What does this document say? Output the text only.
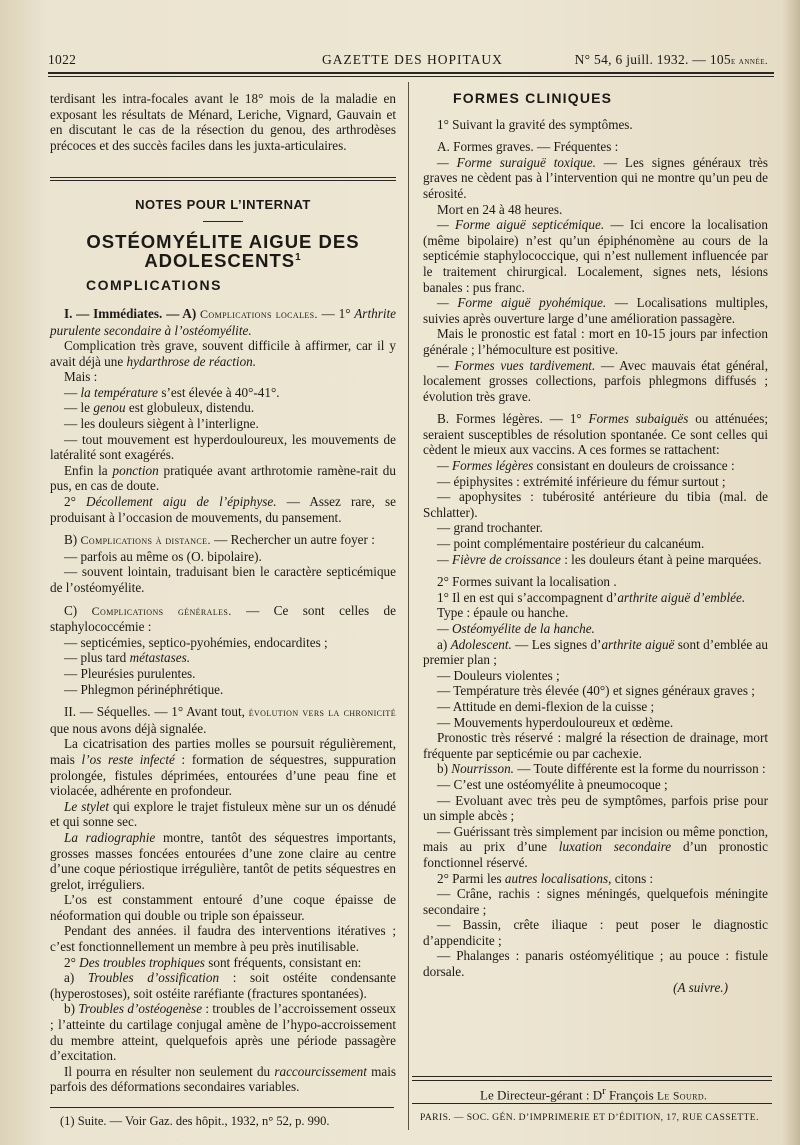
1022	GAZETTE DES HOPITAUX	N° 54, 6 juill. 1932. — 105e année.

terdisant les intra-focales avant le 18° mois de la maladie en exposant les résultats de Ménard, Leriche, Vignard, Gauvain et en discutant le cas de la résection du genou, des arthrodèses précoces et des succès faciles dans les juxta-articulaires.

NOTES POUR L’INTERNAT
OSTÉOMYÉLITE AIGUE DES ADOLESCENTS$^1$
COMPLICATIONS

I. — Immédiates. — A) Complications locales. — 1° Arthrite purulente secondaire à l’ostéomyélite.

Complication très grave, souvent difficile à affirmer, car il y avait déjà une hydarthrose de réaction.

Mais :

— la température s’est élevée à 40°-41°.

— le genou est globuleux, distendu.

— les douleurs siègent à l’interligne.

— tout mouvement est hyperdouloureux, les mouvements de latéralité sont exagérés.

Enfin la ponction pratiquée avant arthrotomie ramène-rait du pus, en cas de doute.

2° Décollement aigu de l’épiphyse. — Assez rare, se produisant à l’occasion de mouvements, du pansement.

B) Complications à distance. — Rechercher un autre foyer :

— parfois au même os (O. bipolaire).

— souvent lointain, traduisant bien le caractère septicémique de l’ostéomyélite.

C) Complications générales. — Ce sont celles de staphylococcémie :

— septicémies, septico-pyohémies, endocardites ;

— plus tard métastases.

— Pleurésies purulentes.

— Phlegmon périnéphrétique.

II. — Séquelles. — 1° Avant tout, évolution vers la chronicité que nous avons déjà signalée.

La cicatrisation des parties molles se poursuit régulièrement, mais l’os reste infecté : formation de séquestres, suppuration prolongée, fistules déprimées, entourées d’une peau fine et violacée, adhérente en profondeur.

Le stylet qui explore le trajet fistuleux mène sur un os dénudé et qui sonne sec.

La radiographie montre, tantôt des séquestres importants, grosses masses foncées entourées d’une zone claire au centre d’une coque périostique irrégulière, tantôt de petits séquestres en grelot, irréguliers.

L’os est constamment entouré d’une coque épaisse de néoformation qui double ou triple son épaisseur.

Pendant des années. il faudra des interventions itératives ; c’est fonctionnellement un membre à peu près inutilisable.

2° Des troubles trophiques sont fréquents, consistant en:

a) Troubles d’ossification : soit ostéite condensante (hyperostoses), soit ostéite raréfiante (fractures spontanées).

b) Troubles d’ostéogenèse : troubles de l’accroissement osseux ; l’atteinte du cartilage conjugal amène de l’hypo-accroissement du membre atteint, quelquefois après une période passagère d’excitation.

Il pourra en résulter non seulement du raccourcissement mais parfois des déformations secondaires variables.

(1) Suite. — Voir Gaz. des hôpit., 1932, n° 52, p. 990.
FORMES CLINIQUES

1° Suivant la gravité des symptômes.

A. Formes graves. — Fréquentes :

— Forme suraiguë toxique. — Les signes généraux très graves ne cèdent pas à l’intervention qui ne montre qu’un peu de sérosité.

Mort en 24 à 48 heures.

— Forme aiguë septicémique. — Ici encore la localisation (même bipolaire) n’est qu’un épiphénomène au cours de la septicémie staphylococcique, qui n’est nullement influencée par le traitement chirurgical. Localement, signes nets, lésions banales : pus franc.

— Forme aiguë pyohémique. — Localisations multiples, suivies après ouverture large d’une amélioration passagère.

Mais le pronostic est fatal : mort en 10-15 jours par infection générale ; l’hémoculture est positive.

— Formes vues tardivement. — Avec mauvais état général, localement grosses collections, parfois phlegmons diffusés ; évolution très grave.

B. Formes légères. — 1° Formes subaiguës ou atténuées; seraient susceptibles de résolution spontanée. Ce sont celles qui cèdent le mieux aux vaccins. A ces formes se rattachent:

— Formes légères consistant en douleurs de croissance :

— épiphysites : extrémité inférieure du fémur surtout ;

— apophysites : tubérosité antérieure du tibia (mal. de Schlatter).

— grand trochanter.

— point complémentaire postérieur du calcanéum.

— Fièvre de croissance : les douleurs étant à peine marquées.

2° Formes suivant la localisation .

1° Il en est qui s’accompagnent d’arthrite aiguë d’emblée.

Type : épaule ou hanche.

— Ostéomyélite de la hanche.

a) Adolescent. — Les signes d’arthrite aiguë sont d’emblée au premier plan ;

— Douleurs violentes ;

— Température très élevée (40°) et signes généraux graves ;

— Attitude en demi-flexion de la cuisse ;

— Mouvements hyperdouloureux et œdème.

Pronostic très réservé : malgré la résection de drainage, mort fréquente par septicémie ou par cachexie.

b) Nourrisson. — Toute différente est la forme du nourrisson :

— C’est une ostéomyélite à pneumocoque ;

— Evoluant avec très peu de symptômes, parfois prise pour un simple abcès ;

— Guérissant très simplement par incision ou même ponction, mais au prix d’une luxation secondaire d’un pronostic fonctionnel réservé.

2° Parmi les autres localisations, citons :

— Crâne, rachis : signes méningés, quelquefois méningite secondaire ;

— Bassin, crête iliaque : peut poser le diagnostic d’appendicite ;

— Phalanges : panaris ostéomyélitique ; au pouce : fistule dorsale.

(A suivre.)

Le Directeur-gérant : $D^r$ François Le Sourd.
PARIS. — SOC. GÉN. D’IMPRIMERIE ET D’ÉDITION, 17, RUE CASSETTE.
